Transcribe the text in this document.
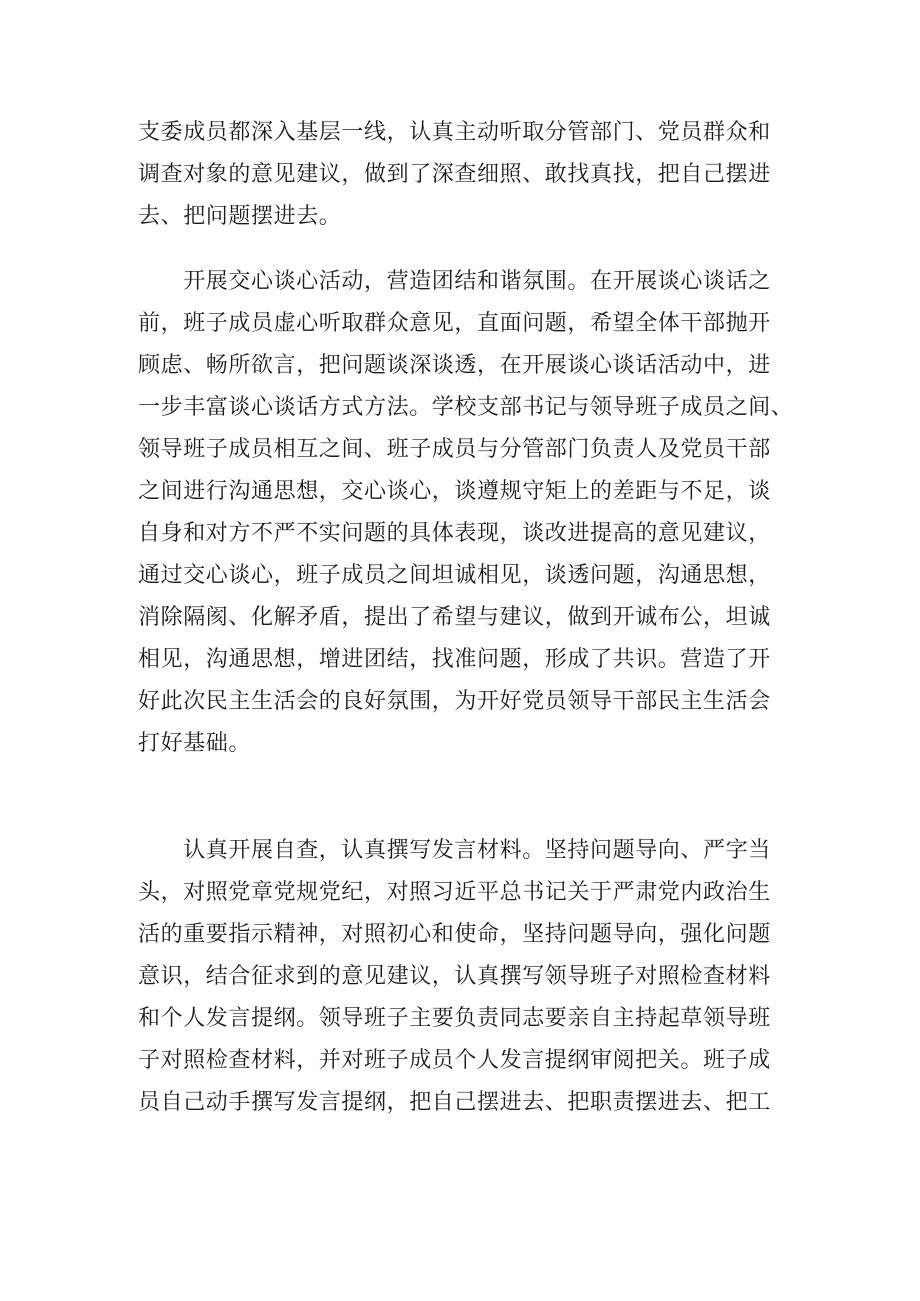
支委成员都深入基层一线，认真主动听取分管部门、党员群众和
调查对象的意见建议，做到了深查细照、敢找真找，把自己摆进
去、把问题摆进去。
　　开展交心谈心活动，营造团结和谐氛围。在开展谈心谈话之
前，班子成员虚心听取群众意见，直面问题，希望全体干部抛开
顾虑、畅所欲言，把问题谈深谈透，在开展谈心谈话活动中，进
一步丰富谈心谈话方式方法。学校支部书记与领导班子成员之间、
领导班子成员相互之间、班子成员与分管部门负责人及党员干部
之间进行沟通思想，交心谈心，谈遵规守矩上的差距与不足，谈
自身和对方不严不实问题的具体表现，谈改进提高的意见建议，
通过交心谈心，班子成员之间坦诚相见，谈透问题，沟通思想，
消除隔阂、化解矛盾，提出了希望与建议，做到开诚布公，坦诚
相见，沟通思想，增进团结，找准问题，形成了共识。营造了开
好此次民主生活会的良好氛围，为开好党员领导干部民主生活会
打好基础。
　　认真开展自查，认真撰写发言材料。坚持问题导向、严字当
头，对照党章党规党纪，对照习近平总书记关于严肃党内政治生
活的重要指示精神，对照初心和使命，坚持问题导向，强化问题
意识，结合征求到的意见建议，认真撰写领导班子对照检查材料
和个人发言提纲。领导班子主要负责同志要亲自主持起草领导班
子对照检查材料，并对班子成员个人发言提纲审阅把关。班子成
员自己动手撰写发言提纲，把自己摆进去、把职责摆进去、把工
